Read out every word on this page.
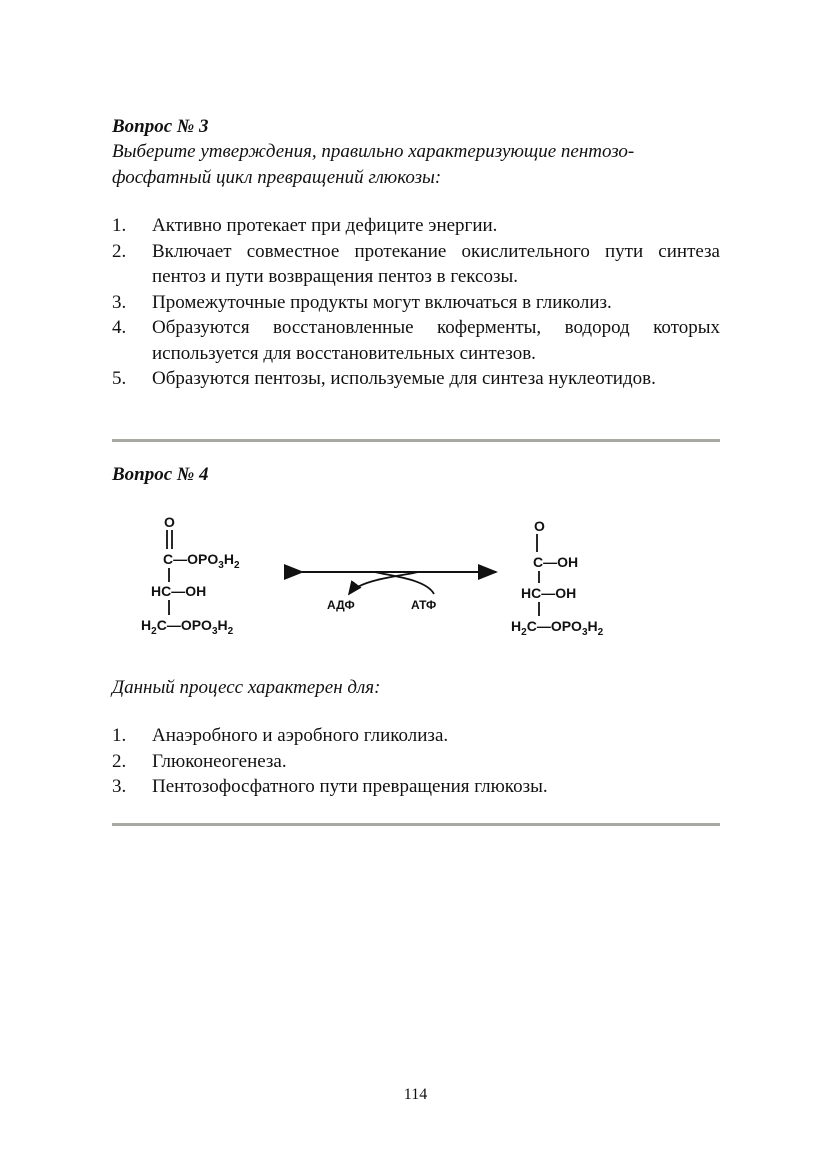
Вопрос № 3
Выберите утверждения, правильно характеризующие пентозо-
фосфатный цикл превращений глюкозы:
1. Активно протекает при дефиците энергии.
2. Включает совместное протекание окислительного пути синтеза пентоз и пути возвращения пентоз в гексозы.
3. Промежуточные продукты могут включаться в гликолиз.
4. Образуются восстановленные коферменты, водород которых используется для восстановительных синтезов.
5. Образуются пентозы, используемые для синтеза нуклеотидов.
Вопрос № 4
O
$C—OPO_3H_2$
HC—OH
$H_2C—OPO_3H_2$
АДФ	АТФ
O
C—OH
HC—OH
$H_2C—OPO_3H_2$
Данный процесс характерен для:
1. Анаэробного и аэробного гликолиза.
2. Глюконеогенеза.
3. Пентозофосфатного пути превращения глюкозы.
114
